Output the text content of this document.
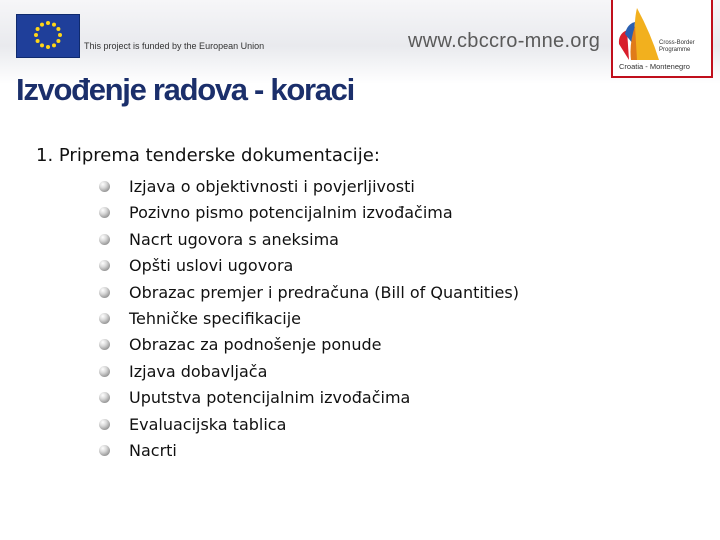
This project is funded by the European Union	www.cbccro-mne.org	Cross-Border
Programme
Croatia - Montenegro
Izvođenje radova - koraci
1. Priprema tenderske dokumentacije:
Izjava o objektivnosti i povjerljivosti
Pozivno pismo potencijalnim izvođačima
Nacrt ugovora s aneksima
Opšti uslovi ugovora
Obrazac premjer i predračuna (Bill of Quantities)
Tehničke specifikacije
Obrazac za podnošenje ponude
Izjava dobavljača
Uputstva potencijalnim izvođačima
Evaluacijska tablica
Nacrti
